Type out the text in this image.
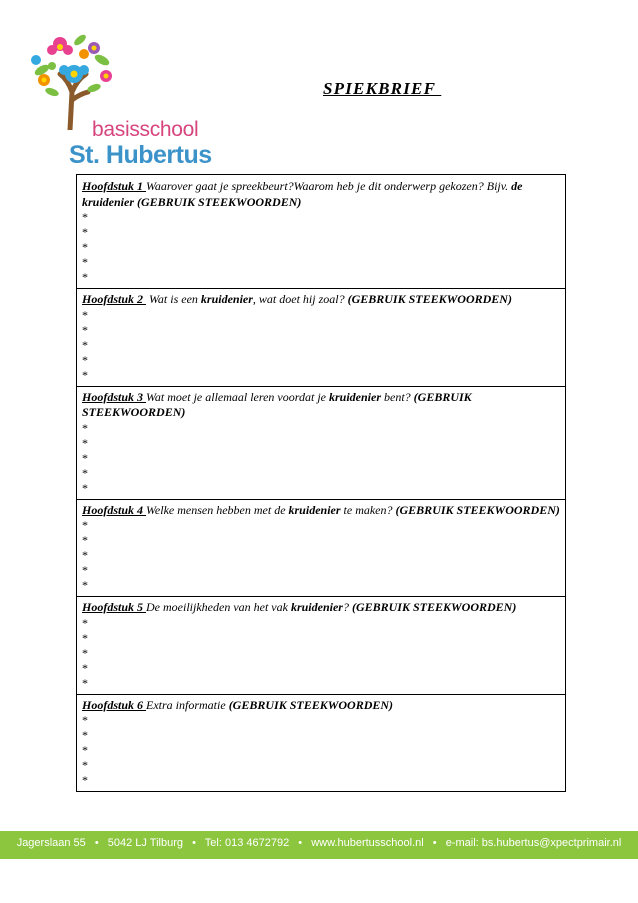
basisschool
St. Hubertus
SPIEKBRIEF
Hoofdstuk 1 Waarover gaat je spreekbeurt?Waarom heb je dit onderwerp gekozen? Bijv. de kruidenier (GEBRUIK STEEKWOORDEN)
*
*
*
*
*
Hoofdstuk 2  Wat is een kruidenier, wat doet hij zoal? (GEBRUIK STEEKWOORDEN)
*
*
*
*
*
Hoofdstuk 3 Wat moet je allemaal leren voordat je kruidenier bent? (GEBRUIK STEEKWOORDEN)
*
*
*
*
*
Hoofdstuk 4 Welke mensen hebben met de kruidenier te maken? (GEBRUIK STEEKWOORDEN)
*
*
*
*
*
Hoofdstuk 5 De moeilijkheden van het vak kruidenier? (GEBRUIK STEEKWOORDEN)
*
*
*
*
*
Hoofdstuk 6 Extra informatie (GEBRUIK STEEKWOORDEN)
*
*
*
*
*
Jagerslaan 55 • 5042 LJ Tilburg • Tel: 013 4672792 • www.hubertusschool.nl • e-mail: bs.hubertus@xpectprimair.nl
